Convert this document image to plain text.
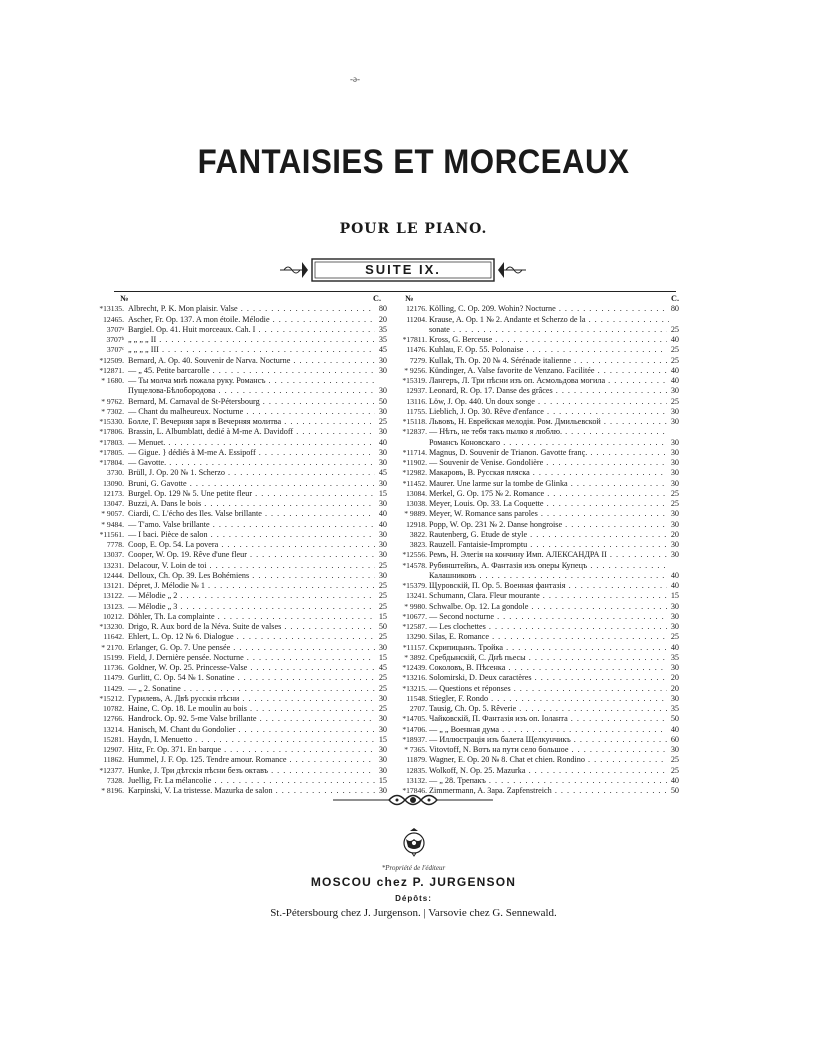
-ǝ-
FANTAISIES ET MORCEAUX
POUR LE PIANO.
SUITE IX.
№	C.
*13135. Albrecht, P. K. Mon plaisir. Valse . . .	80
12465. Ascher, Fr. Op. 137. A mon étoile. Mélodie . . .	20
3707ᵃ Bargiel. Op. 41. Huit morceaux. Cah. I . . .	35
3707ᵇ „ „ „ „ II . . .	35
3707ᶜ „ „ „ „ III . . .	45
*12509. Bernard, A. Op. 40. Souvenir de Narva. Nocturne . . .	30
*12871. — „ 45. Petite barcarolle . . .	30
* 1680. — Ты молча мнѣ пожала руку. Романсъ . . .
Пущелова-Бѣлобородова . . .	30
* 9762. Bernard, M. Carnaval de St-Pétersbourg . . .	50
* 7302. — Chant du malheureux. Nocturne . . .	30
*15330. Болле, Г. Вечерняя заря в Вечерняя молитва . . .	25
*17806. Brassin, L. Albumblatt, dedié à M-me A. Davidoff . . .	30
*17803. — Menuet. . . .	40
*17805. — Gigue. } dédiés à M-me A. Essipoff . . .	30
*17804. — Gavotte. . . .	30
3730. Brüll, J. Op. 20 № 1. Scherzo . . .	45
13090. Bruni, G. Gavotte . . .	30
12173. Burgel. Op. 129 № 5. Une petite fleur . . .	15
13047. Buzzi, A. Dans le bois . . .	30
* 9057. Ciardi, C. L'écho des Iles. Valse brillante . . .	40
* 9484. — T'amo. Valse brillante . . .	40
*11561. — I baci. Pièce de salon . . .	30
7778. Coop, E. Op. 54. La povera . . .	30
13037. Cooper, W. Op. 19. Rêve d'une fleur . . .	30
13231. Delacour, V. Loin de toi . . .	25
12444. Delloux, Ch. Op. 39. Les Bohémiens . . .	30
13121. Dépret, J. Mélodie № 1 . . .	25
13122. — Mélodie „ 2 . . .	25
13123. — Mélodie „ 3 . . .	25
10212. Döhler, Th. La complainte . . .	15
*13230. Drigo, R. Aux bord de la Néva. Suite de valses . . .	50
11642. Ehlert, L. Op. 12 № 6. Dialogue . . .	25
* 2170. Erlanger, G. Op. 7. Une pensée . . .	30
15199. Field, J. Dernière pensée. Nocturne . . .	15
11736. Goldner, W. Op. 25. Princesse-Valse . . .	45
11479. Gurlitt, C. Op. 54 № 1. Sonatine . . .	25
11429. — „ 2. Sonatine . . .	25
*15212. Гурилевъ, А. Двѣ русскія пѣсни . . .	30
10782. Haine, C. Op. 18. Le moulin au bois . . .	25
12766. Handrock. Op. 92. 5-me Valse brillante . . .	30
13214. Hanisch, M. Chant du Gondolier . . .	30
15281. Haydn, I. Menuetto . . .	15
12907. Hitz, Fr. Op. 371. En barque . . .	30
11862. Hummel, J. F. Op. 125. Tendre amour. Romance . . .	30
*12377. Hunke, J. Три дѣтскія пѣсни безъ октавъ . . .	30
7328. Juellig, Fr. La mélancolie . . .	15
* 8196. Karpinski, V. La tristesse. Mazurka de salon . . .	30
№	C.
12176. Kölling, C. Op. 209. Wohin? Nocturne . . .	80
11204. Krause, A. Op. 1 № 2. Andante et Scherzo de la . . .
sonate . . .	25
*17811. Kross, G. Berceuse . . .	40
11476. Kuhlau, F. Op. 55. Polonaise . . .	25
7279. Kullak, Th. Op. 20 № 4. Sérénade italienne . . .	25
* 9256. Kündinger, A. Valse favorite de Venzano. Facilitée . . .	40
*15319. Лангеръ, Л. Три пѣсни изъ оп. Асмольдова могила . . .	40
12937. Leonard, R. Op. 17. Danse des grâces . . .	30
13116. Löw, J. Op. 440. Un doux songe . . .	25
11755. Lieblich, J. Op. 30. Rêve d'enfance . . .	30
*15118. Львовъ, Н. Еврейская мелодія. Ром. Дмильевской . . .	30
*12837. — Нѣтъ, не тебя такъ пылко я люблю. . . .
Романсъ Коновскаго . . .	30
*11714. Magnus, D. Souvenir de Trianon. Gavotte franç. . . .	30
*11902. — Souvenir de Venise. Gondolière . . .	30
*12982. Макаровъ, В. Русская пляска . . .	30
*11452. Maurer. Une larme sur la tombe de Glinka . . .	30
13084. Merkel, G. Op. 175 № 2. Romance . . .	25
13038. Meyer, Louis. Op. 33. La Coquette . . .	25
* 9889. Meyer, W. Romance sans paroles . . .	30
12918. Popp, W. Op. 231 № 2. Danse hongroise . . .	30
3822. Rautenberg, G. Etude de style . . .	20
3823. Rauzell. Fantaisie-Impromptu . . .	30
*12556. Ремъ, Н. Элегія на кончину Имп. АЛЕКСАНДРА II . . .	30
*14578. Рубинштейнъ, А. Фантазія изъ оперы Купецъ . . .
Калашниковъ . . .	40
*15379. Щуровскій, П. Op. 5. Военная фантазія . . .	40
13241. Schumann, Clara. Fleur mourante . . .	15
* 9980. Schwalbe. Op. 12. La gondole . . .	30
*10677. — Second nocturne . . .	30
*12587. — Les clochettes . . .	30
13290. Silas, E. Romance . . .	25
*11157. Скрипицынъ. Тройка . . .	40
* 3892. Сребдынскій, С. Днѣ пьесы . . .	35
*12439. Соколовъ, В. Пѣсенка . . .	30
*13216. Solomirski, D. Deux caractères . . .	20
*13215. — Questions et réponses . . .	20
11548. Stiegler, F. Rondo . . .	30
2707. Tausig, Ch. Op. 5. Rêverie . . .	35
*14705. Чайковскій, П. Фантазія изъ оп. Іоланта . . .	50
*14706. — „ „ Военная дума . . .	40
*18937. — Иллюстрація изъ балета Щелкунчикъ . . .	60
* 7365. Vitovtoff, N. Вотъ на пути село большое . . .	30
11879. Wagner, E. Op. 20 № 8. Chat et chien. Rondino . . .	25
12835. Wolkoff, N. Op. 25. Mazurka . . .	25
13132. — „ 28. Трепакъ . . .	40
*17846. Zimmermann, A. Зара. Zapfenstreich . . .	50
*Propriété de l'éditeur
MOSCOU chez P. JURGENSON
Dépôts:
St.-Pétersbourg chez J. Jurgenson. | Varsovie chez G. Sennewald.
